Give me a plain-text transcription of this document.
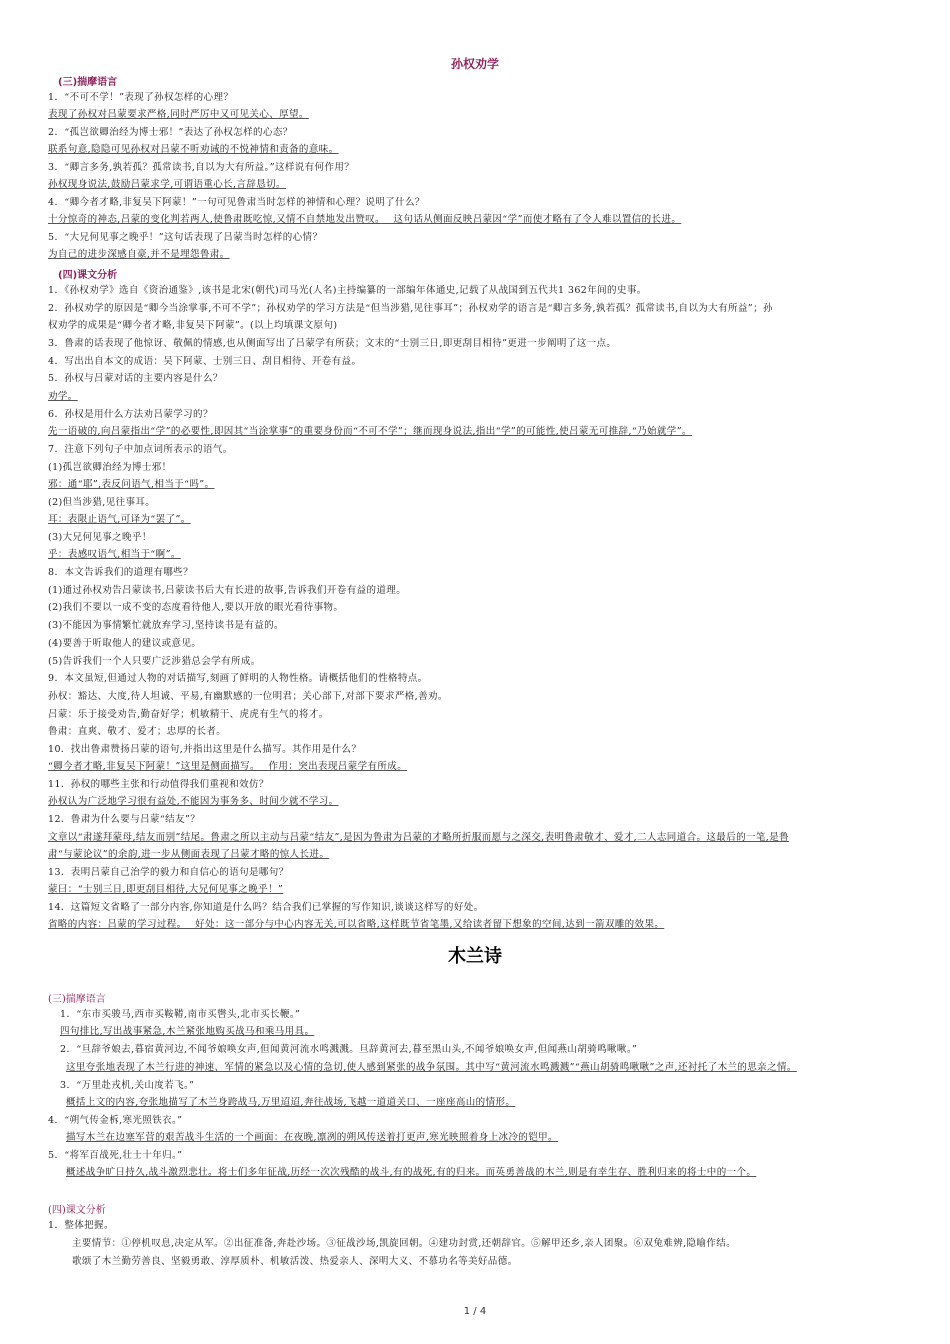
孙权劝学
(三)揣摩语言
1．“不可不学！”表现了孙权怎样的心理？
表现了孙权对吕蒙要求严格,同时严厉中又可见关心、厚望。
2．“孤岂欲卿治经为博士邪！”表达了孙权怎样的心态？
联系句意,隐隐可见孙权对吕蒙不听劝诫的不悦神情和责备的意味。
3．“卿言多务,孰若孤？孤常读书,自以为大有所益。”这样说有何作用？
孙权现身说法,鼓励吕蒙求学,可谓语重心长,言辞恳切。
4．“卿今者才略,非复吴下阿蒙！”一句可见鲁肃当时怎样的神情和心理？说明了什么？
十分惊奇的神态,吕蒙的变化判若两人,使鲁肃既吃惊,又情不自禁地发出赞叹。　 这句话从侧面反映吕蒙因“学”而使才略有了令人难以置信的长进。
5．“大兄何见事之晚乎！”这句话表现了吕蒙当时怎样的心情？
为自己的进步深感自豪,并不是埋怨鲁肃。
(四)课文分析
1．《孙权劝学》选自《资治通鉴》,该书是北宋(朝代)司马光(人名)主持编纂的一部编年体通史,记载了从战国到五代共1 362年间的史事。
2．孙权劝学的原因是“卿今当涂掌事,不可不学”；孙权劝学的学习方法是“但当涉猎,见往事耳”；孙权劝学的语言是“卿言多务,孰若孤？孤常读书,自以为大有所益”；孙
权劝学的成果是“卿今者才略,非复吴下阿蒙”。(以上均填课文原句)
3．鲁肃的话表现了他惊讶、敬佩的情感,也从侧面写出了吕蒙学有所获；文末的“士别三日,即更刮目相待”更进一步阐明了这一点。
4．写出出自本文的成语：吴下阿蒙、士别三日、刮目相待、开卷有益。
5．孙权与吕蒙对话的主要内容是什么？
劝学。
6．孙权是用什么方法劝吕蒙学习的？
先一语破的,向吕蒙指出“学”的必要性,即因其“当涂掌事”的重要身份而“不可不学”；继而现身说法,指出“学”的可能性,使吕蒙无可推辞,“乃始就学”。
7．注意下列句子中加点词所表示的语气。
(1)孤岂欲卿治经为博士邪！
邪：通“耶”,表反问语气,相当于“吗”。
(2)但当涉猎,见往事耳。
耳：表限止语气,可译为“罢了”。
(3)大兄何见事之晚乎！
乎：表感叹语气,相当于“啊”。
8．本文告诉我们的道理有哪些？
(1)通过孙权劝告吕蒙读书,吕蒙读书后大有长进的故事,告诉我们开卷有益的道理。
(2)我们不要以一成不变的态度看待他人,要以开放的眼光看待事物。
(3)不能因为事情繁忙就放弃学习,坚持读书是有益的。
(4)要善于听取他人的建议或意见。
(5)告诉我们一个人只要广泛涉猎总会学有所成。
9．本文虽短,但通过人物的对话描写,刻画了鲜明的人物性格。请概括他们的性格特点。
孙权：豁达、大度,待人坦诚、平易,有幽默感的一位明君；关心部下,对部下要求严格,善劝。
吕蒙：乐于接受劝告,勤奋好学；机敏精干、虎虎有生气的将才。
鲁肃：直爽、敬才、爱才；忠厚的长者。
10．找出鲁肃赞扬吕蒙的语句,并指出这里是什么描写。其作用是什么？
“卿今者才略,非复吴下阿蒙！”这里是侧面描写。　 作用：突出表现吕蒙学有所成。
11．孙权的哪些主张和行动值得我们重视和效仿？
孙权认为广泛地学习很有益处,不能因为事务多、时间少就不学习。
12．鲁肃为什么要与吕蒙“结友”？
文章以“肃遂拜蒙母,结友而别”结尾。鲁肃之所以主动与吕蒙“结友”,是因为鲁肃为吕蒙的才略所折服而愿与之深交,表明鲁肃敬才、爱才,二人志同道合。这最后的一笔,是鲁
肃“与蒙论议”的余韵,进一步从侧面表现了吕蒙才略的惊人长进。
13．表明吕蒙自己治学的毅力和自信心的语句是哪句？
蒙曰：“士别三日,即更刮目相待,大兄何见事之晚乎！”
14．这篇短文省略了一部分内容,你知道是什么吗？结合我们已掌握的写作知识,谈谈这样写的好处。
省略的内容：吕蒙的学习过程。　 好处：这一部分与中心内容无关,可以省略,这样既节省笔墨,又给读者留下想象的空间,达到一箭双雕的效果。
木兰诗
(三)揣摩语言
1．“东市买骏马,西市买鞍鞯,南市买辔头,北市买长鞭。”
四句排比,写出战事紧急,木兰紧张地购买战马和乘马用具。
2．“旦辞爷娘去,暮宿黄河边,不闻爷娘唤女声,但闻黄河流水鸣溅溅。旦辞黄河去,暮至黑山头,不闻爷娘唤女声,但闻燕山胡骑鸣啾啾。”
这里夸张地表现了木兰行进的神速、军情的紧急以及心情的急切,使人感到紧张的战争氛围。其中写“黄河流水鸣溅溅”“燕山胡骑鸣啾啾”之声,还衬托了木兰的思亲之情。
3．“万里赴戎机,关山度若飞。”
概括上文的内容,夸张地描写了木兰身跨战马,万里迢迢,奔往战场,飞越一道道关口、一座座高山的情形。
4．“朔气传金柝,寒光照铁衣。”
描写木兰在边塞军营的艰苦战斗生活的一个画面：在夜晚,凛冽的朔风传送着打更声,寒光映照着身上冰冷的铠甲。
5．“将军百战死,壮士十年归。”
概述战争旷日持久,战斗激烈悲壮。将士们多年征战,历经一次次残酷的战斗,有的战死,有的归来。而英勇善战的木兰,则是有幸生存、胜利归来的将士中的一个。
(四)课文分析
1．整体把握。
主要情节：①停机叹息,决定从军。②出征准备,奔赴沙场。③征战沙场,凯旋回朝。④建功封赏,还朝辞官。⑤解甲还乡,亲人团聚。⑥双兔难辨,隐喻作结。
歌颂了木兰勤劳善良、坚毅勇敢、淳厚质朴、机敏活泼、热爱亲人、深明大义、不慕功名等美好品德。
1 / 4
